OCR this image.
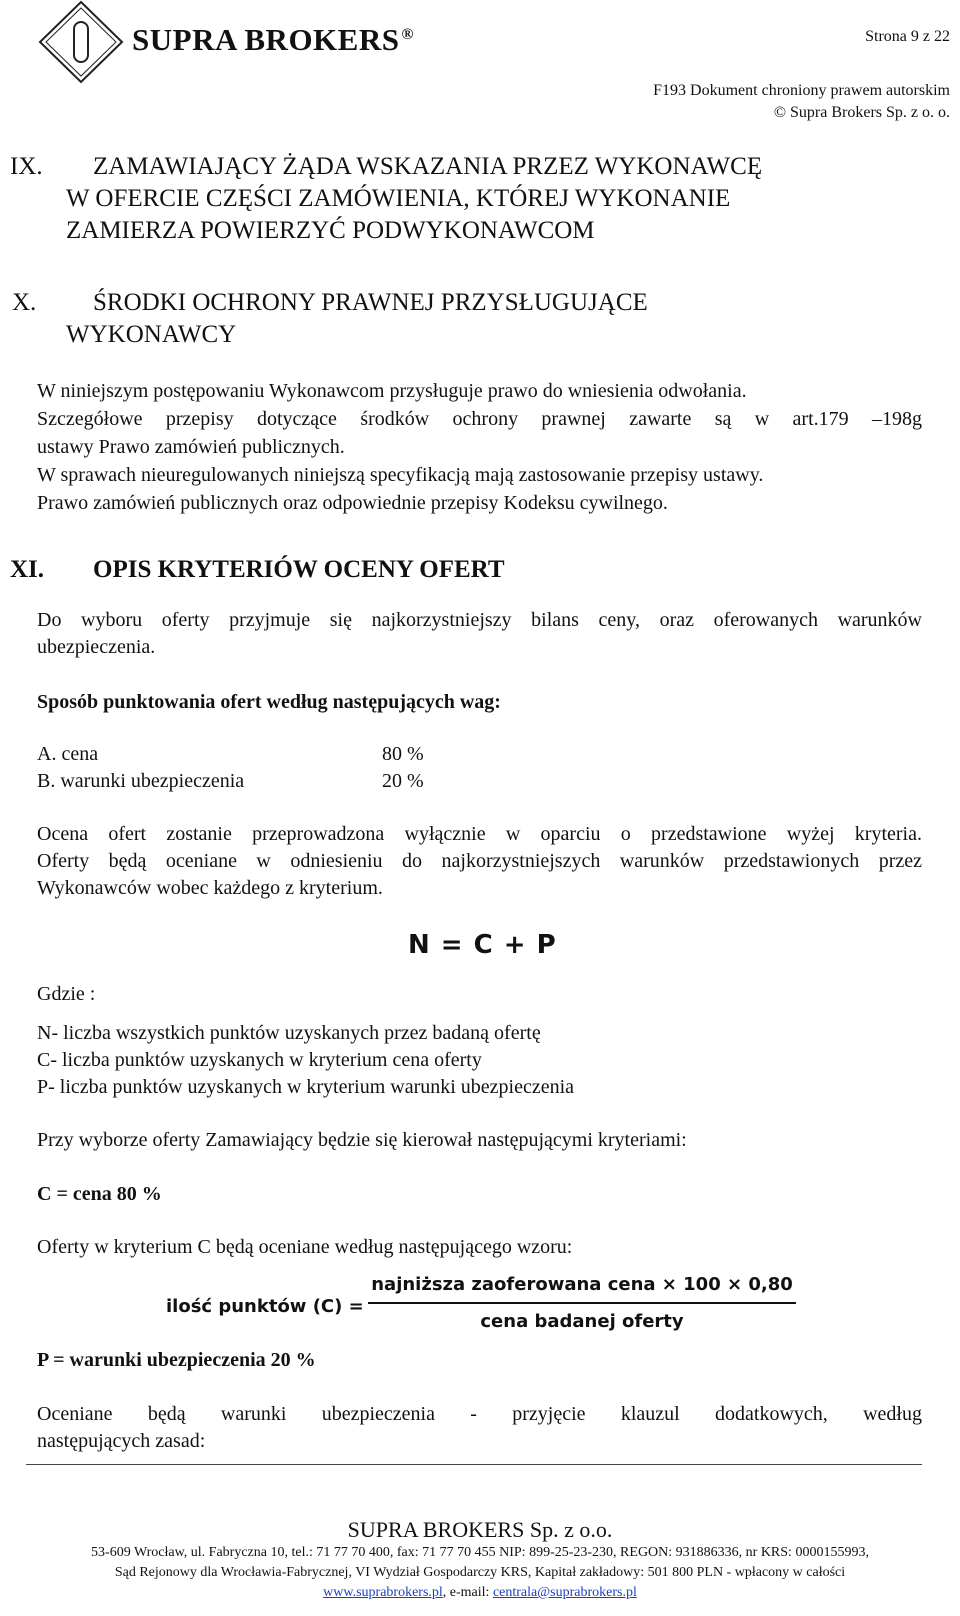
SUPRA BROKERS ®	Strona 9 z 22
F193 Dokument chroniony prawem autorskim
© Supra Brokers Sp. z o. o.
IX. ZAMAWIAJĄCY ŻĄDA WSKAZANIA PRZEZ WYKONAWCĘ
W OFERCIE CZĘŚCI ZAMÓWIENIA, KTÓREJ WYKONANIE
ZAMIERZA POWIERZYĆ PODWYKONAWCOM
X. ŚRODKI OCHRONY PRAWNEJ PRZYSŁUGUJĄCE
WYKONAWCY
W niniejszym postępowaniu Wykonawcom przysługuje prawo do wniesienia odwołania.
Szczegółowe przepisy dotyczące środków ochrony prawnej zawarte są w art.179 –198g
ustawy Prawo zamówień publicznych.
W sprawach nieuregulowanych niniejszą specyfikacją mają zastosowanie przepisy ustawy.
Prawo zamówień publicznych oraz odpowiednie przepisy Kodeksu cywilnego.
XI. OPIS KRYTERIÓW OCENY OFERT
Do wyboru oferty przyjmuje się najkorzystniejszy bilans ceny, oraz oferowanych warunków
ubezpieczenia.
Sposób punktowania ofert według następujących wag:
A. cena	80 %
B. warunki ubezpieczenia	20 %
Ocena ofert zostanie przeprowadzona wyłącznie w oparciu o przedstawione wyżej kryteria.
Oferty będą oceniane w odniesieniu do najkorzystniejszych warunków przedstawionych przez
Wykonawców wobec każdego z kryterium.
N = C + P
Gdzie :
N- liczba wszystkich punktów uzyskanych przez badaną ofertę
C- liczba punktów uzyskanych w kryterium cena oferty
P- liczba punktów uzyskanych w kryterium warunki ubezpieczenia
Przy wyborze oferty Zamawiający będzie się kierował następującymi kryteriami:
C = cena 80 %
Oferty w kryterium C będą oceniane według następującego wzoru:
ilość punktów (C) =
najniższa zaoferowana cena × 100 × 0,80
cena badanej oferty
P = warunki ubezpieczenia 20 %
Oceniane będą warunki ubezpieczenia - przyjęcie klauzul dodatkowych, według
następujących zasad:
SUPRA BROKERS Sp. z o.o.
53-609 Wrocław, ul. Fabryczna 10, tel.: 71 77 70 400, fax: 71 77 70 455 NIP: 899-25-23-230, REGON: 931886336, nr KRS: 0000155993,
Sąd Rejonowy dla Wrocławia-Fabrycznej, VI Wydział Gospodarczy KRS, Kapitał zakładowy: 501 800 PLN - wpłacony w całości
www.suprabrokers.pl, e-mail: centrala@suprabrokers.pl
